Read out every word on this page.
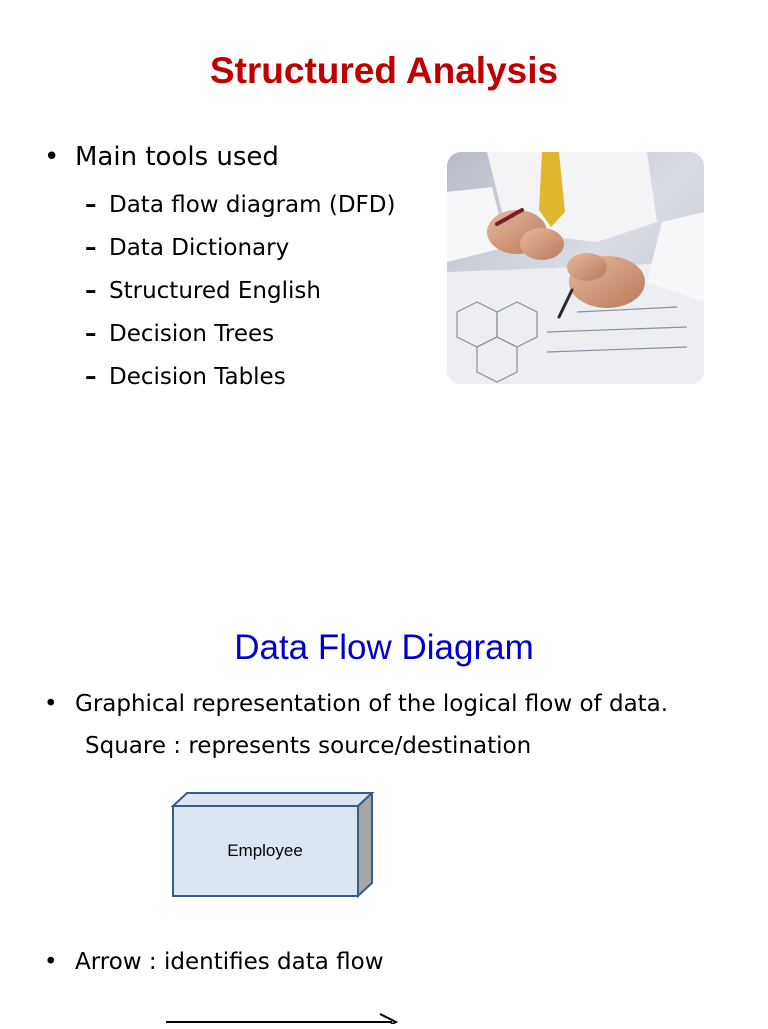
Structured Analysis
• Main tools used
– Data flow diagram (DFD)
– Data Dictionary
– Structured English
– Decision Trees
– Decision Tables
Data Flow Diagram
• Graphical representation of the logical flow of data.
Square : represents source/destination
Employee
• Arrow : identifies data flow
